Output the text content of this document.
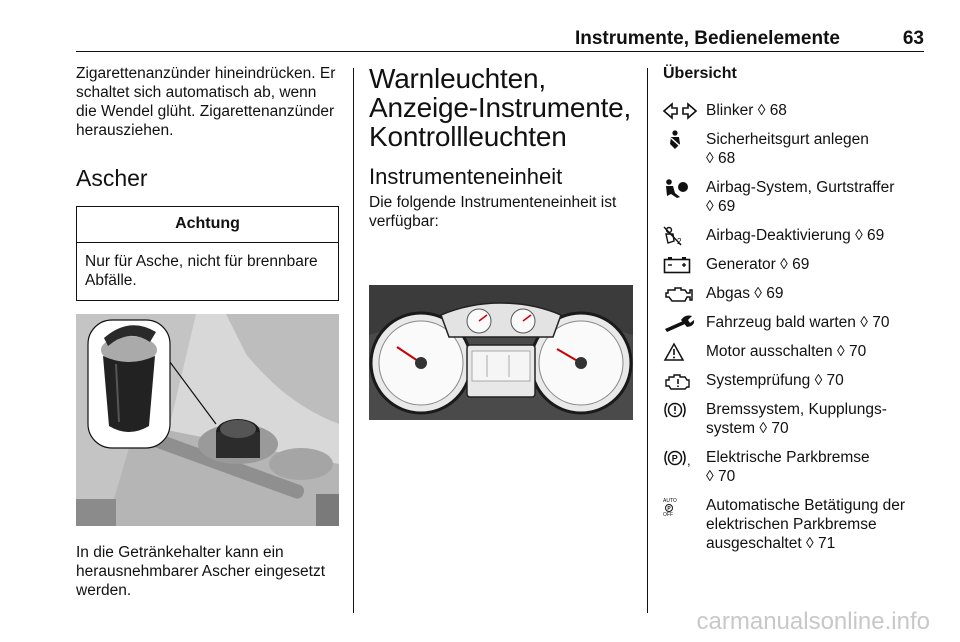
Instrumente, Bedienelemente	63

Zigarettenanzünder hineindrücken. Er schaltet sich automatisch ab, wenn die Wendel glüht. Zigarettenanzünder herausziehen.

Ascher
Achtung
Nur für Asche, nicht für brennbare Abfälle.

In die Getränkehalter kann ein herausnehmbarer Ascher eingesetzt werden.

Warnleuchten, Anzeige-Instrumente, Kontrollleuchten
Instrumenteneinheit

Die folgende Instrumenteneinheit ist verfügbar:

Übersicht
Blinker ◊ 68
Sicherheitsgurt anlegen
◊ 68
Airbag-System, Gurtstraffer
◊ 69
2 Airbag-Deaktivierung ◊ 69
Generator ◊ 69
Abgas ◊ 69
Fahrzeug bald warten ◊ 70
Motor ausschalten ◊ 70
Systemprüfung ◊ 70
Bremssystem, Kupplungssystem ◊ 70
P , Elektrische Parkbremse
◊ 70
AUTO
P
OFF
Automatische Betätigung der elektrischen Parkbremse ausgeschaltet ◊ 71
carmanualsonline.info
